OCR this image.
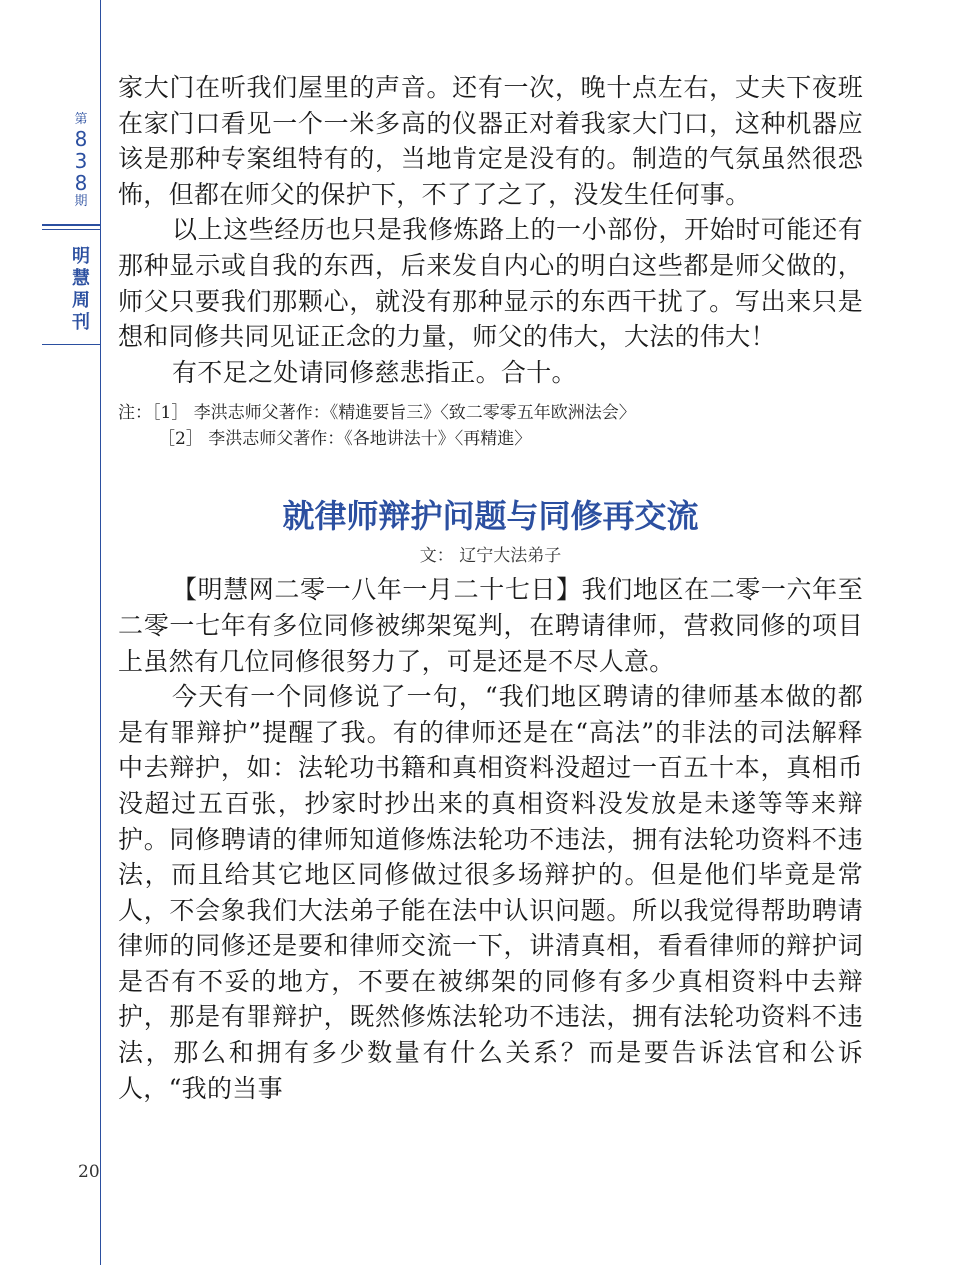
第
8
3
8
期
明
慧
周
刊
20

家大门在听我们屋里的声音。还有一次，晚十点左右，丈夫下夜班在家门口看见一个一米多高的仪器正对着我家大门口，这种机器应该是那种专案组特有的，当地肯定是没有的。制造的气氛虽然很恐怖，但都在师父的保护下，不了了之了，没发生任何事。

以上这些经历也只是我修炼路上的一小部份，开始时可能还有那种显示或自我的东西，后来发自内心的明白这些都是师父做的，师父只要我们那颗心，就没有那种显示的东西干扰了。写出来只是想和同修共同见证正念的力量，师父的伟大，大法的伟大！

有不足之处请同修慈悲指正。合十。

注：［1］ 李洪志师父著作：《精進要旨三》〈致二零零五年欧洲法会〉
［2］ 李洪志师父著作：《各地讲法十》〈再精進〉
就律师辩护问题与同修再交流
文： 辽宁大法弟子

【明慧网二零一八年一月二十七日】我们地区在二零一六年至二零一七年有多位同修被绑架冤判，在聘请律师，营救同修的项目上虽然有几位同修很努力了，可是还是不尽人意。

今天有一个同修说了一句，“我们地区聘请的律师基本做的都是有罪辩护”提醒了我。有的律师还是在“高法”的非法的司法解释中去辩护，如：法轮功书籍和真相资料没超过一百五十本，真相币没超过五百张，抄家时抄出来的真相资料没发放是未遂等等来辩护。同修聘请的律师知道修炼法轮功不违法，拥有法轮功资料不违法，而且给其它地区同修做过很多场辩护的。但是他们毕竟是常人，不会象我们大法弟子能在法中认识问题。所以我觉得帮助聘请律师的同修还是要和律师交流一下，讲清真相，看看律师的辩护词是否有不妥的地方，不要在被绑架的同修有多少真相资料中去辩护，那是有罪辩护，既然修炼法轮功不违法，拥有法轮功资料不违法，那么和拥有多少数量有什么关系？而是要告诉法官和公诉人，“我的当事
